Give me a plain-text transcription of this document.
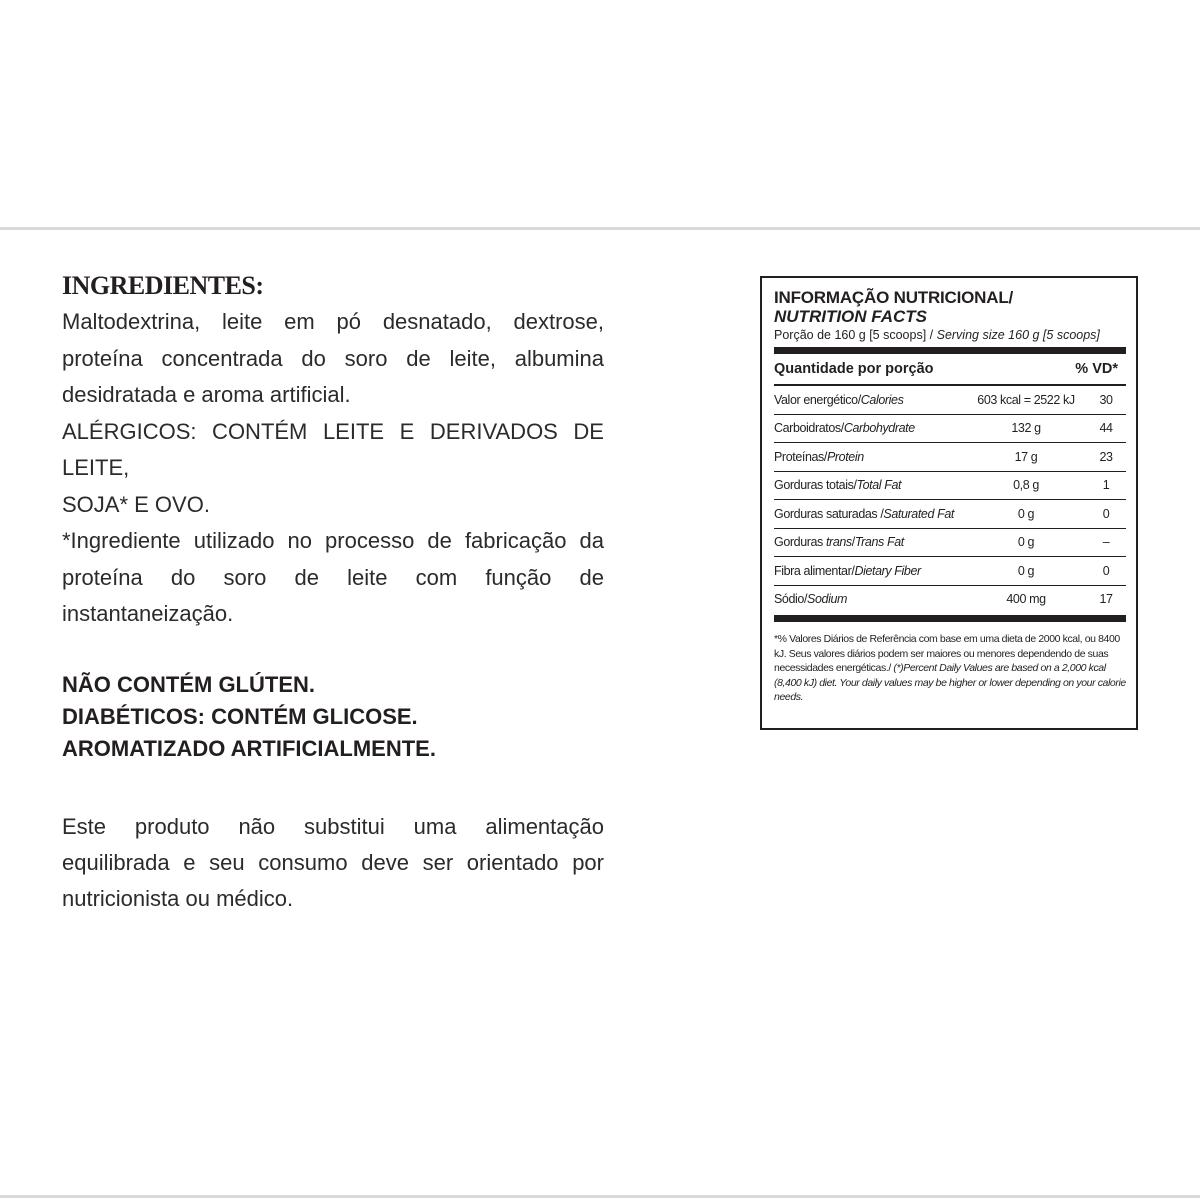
INGREDIENTES:

Maltodextrina, leite em pó desnatado, dextrose,

proteína concentrada do soro de leite, albumina

desidratada e aroma artificial.

ALÉRGICOS: CONTÉM LEITE E DERIVADOS DE LEITE,

SOJA* E OVO.

*Ingrediente utilizado no processo de fabricação da

proteína do soro de leite com função de

instantaneização.

NÃO CONTÉM GLÚTEN.
DIABÉTICOS: CONTÉM GLICOSE.
AROMATIZADO ARTIFICIALMENTE.
Este produto não substitui uma alimentação
equilibrada e seu consumo deve ser orientado por
nutricionista ou médico.

INFORMAÇÃO NUTRICIONAL/

NUTRITION FACTS

Porção de 160 g [5 scoops] / Serving size 160 g [5 scoops]

Quantidade por porção	% VD*
Valor energético/Calories	603 kcal = 2522 kJ	30
Carboidratos/Carbohydrate	132 g	44
Proteínas/Protein	17 g	23
Gorduras totais/Total Fat	0,8 g	1
Gorduras saturadas /Saturated Fat	0 g	0
Gorduras trans/Trans Fat	0 g	–
Fibra alimentar/Dietary Fiber	0 g	0
Sódio/Sodium	400 mg	17
*% Valores Diários de Referência com base em uma dieta de 2000 kcal, ou 8400 kJ. Seus valores diários podem ser maiores ou menores dependendo de suas necessidades energéticas./ (*)Percent Daily Values are based on a 2,000 kcal (8,400 kJ) diet. Your daily values may be higher or lower depending on your calorie needs.
